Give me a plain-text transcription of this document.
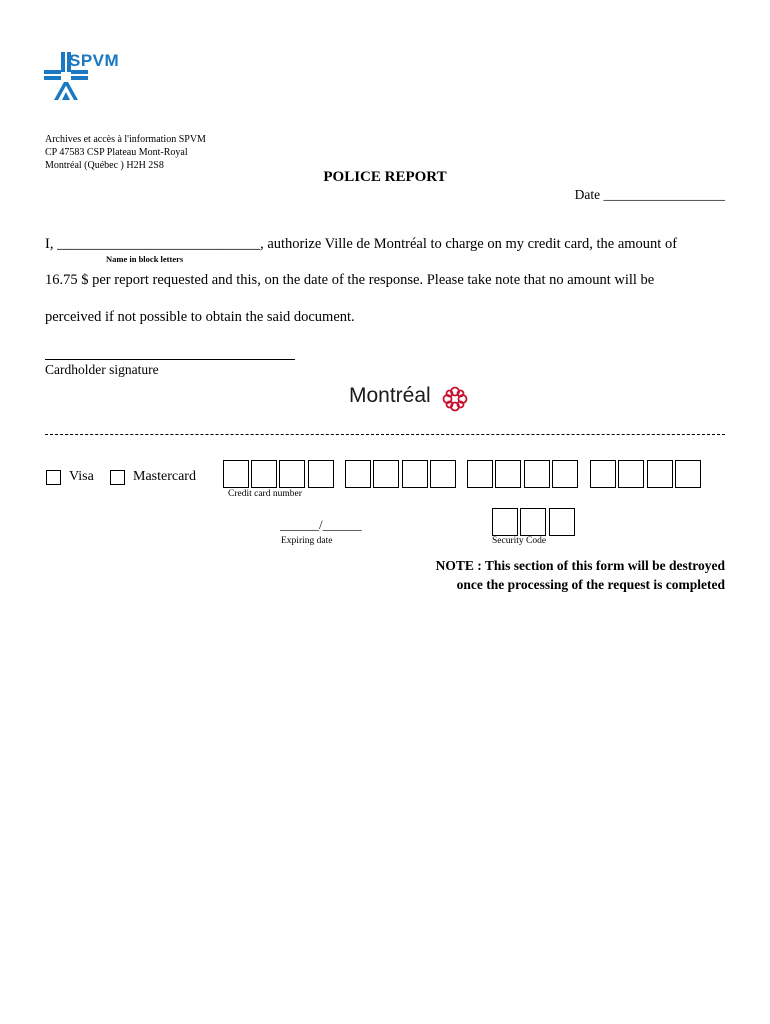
SPVM
Archives et accès à l'information SPVM
CP 47583 CSP Plateau Mont-Royal
Montréal (Québec ) H2H 2S8
POLICE REPORT
Date __________________
I, ____________________________, authorize Ville de Montréal to charge on my credit card, the amount of
Name in block letters
16.75 $ per report requested and this, on the date of the response. Please take note that no amount will be
perceived if not possible to obtain the said document.
Cardholder signature
Montréal
Visa	Mastercard
Credit card number
______/______
Expiring date	Security Code
NOTE : This section of this form will be destroyed
once the processing of the request is completed
